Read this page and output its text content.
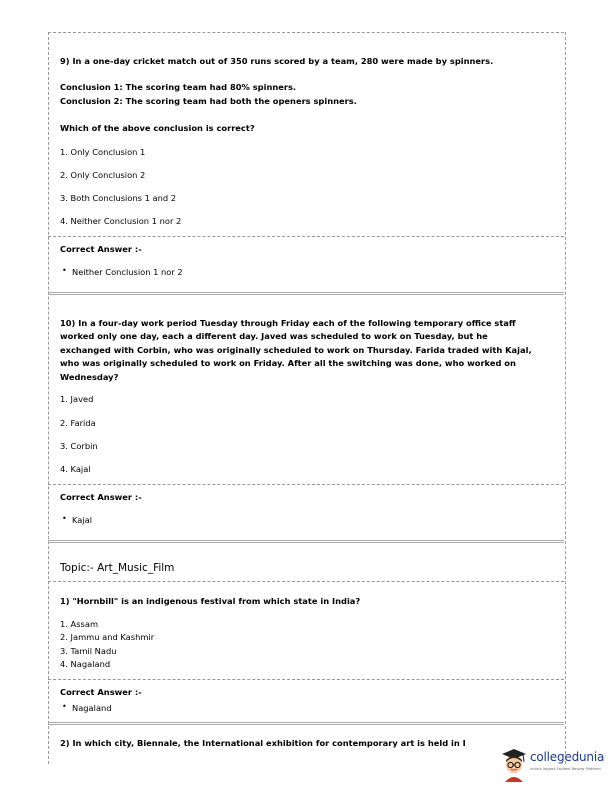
9) In a one-day cricket match out of 350 runs scored by a team, 280 were made by spinners.
Conclusion 1: The scoring team had 80% spinners.
Conclusion 2: The scoring team had both the openers spinners.
Which of the above conclusion is correct?
1. Only Conclusion 1
2. Only Conclusion 2
3. Both Conclusions 1 and 2
4. Neither Conclusion 1 nor 2
Correct Answer :-
• Neither Conclusion 1 nor 2
10) In a four-day work period Tuesday through Friday each of the following temporary office staff
worked only one day, each a different day. Javed was scheduled to work on Tuesday, but he
exchanged with Corbin, who was originally scheduled to work on Thursday. Farida traded with Kajal,
who was originally scheduled to work on Friday. After all the switching was done, who worked on
Wednesday?
1. Javed
2. Farida
3. Corbin
4. Kajal
Correct Answer :-
• Kajal
Topic:- Art_Music_Film
1) "Hornbill" is an indigenous festival from which state in India?
1. Assam
2. Jammu and Kashmir
3. Tamil Nadu
4. Nagaland
Correct Answer :-
• Nagaland
2) In which city, Biennale, the International exhibition for contemporary art is held in I
collegedunia
India's largest Student Review Platform
